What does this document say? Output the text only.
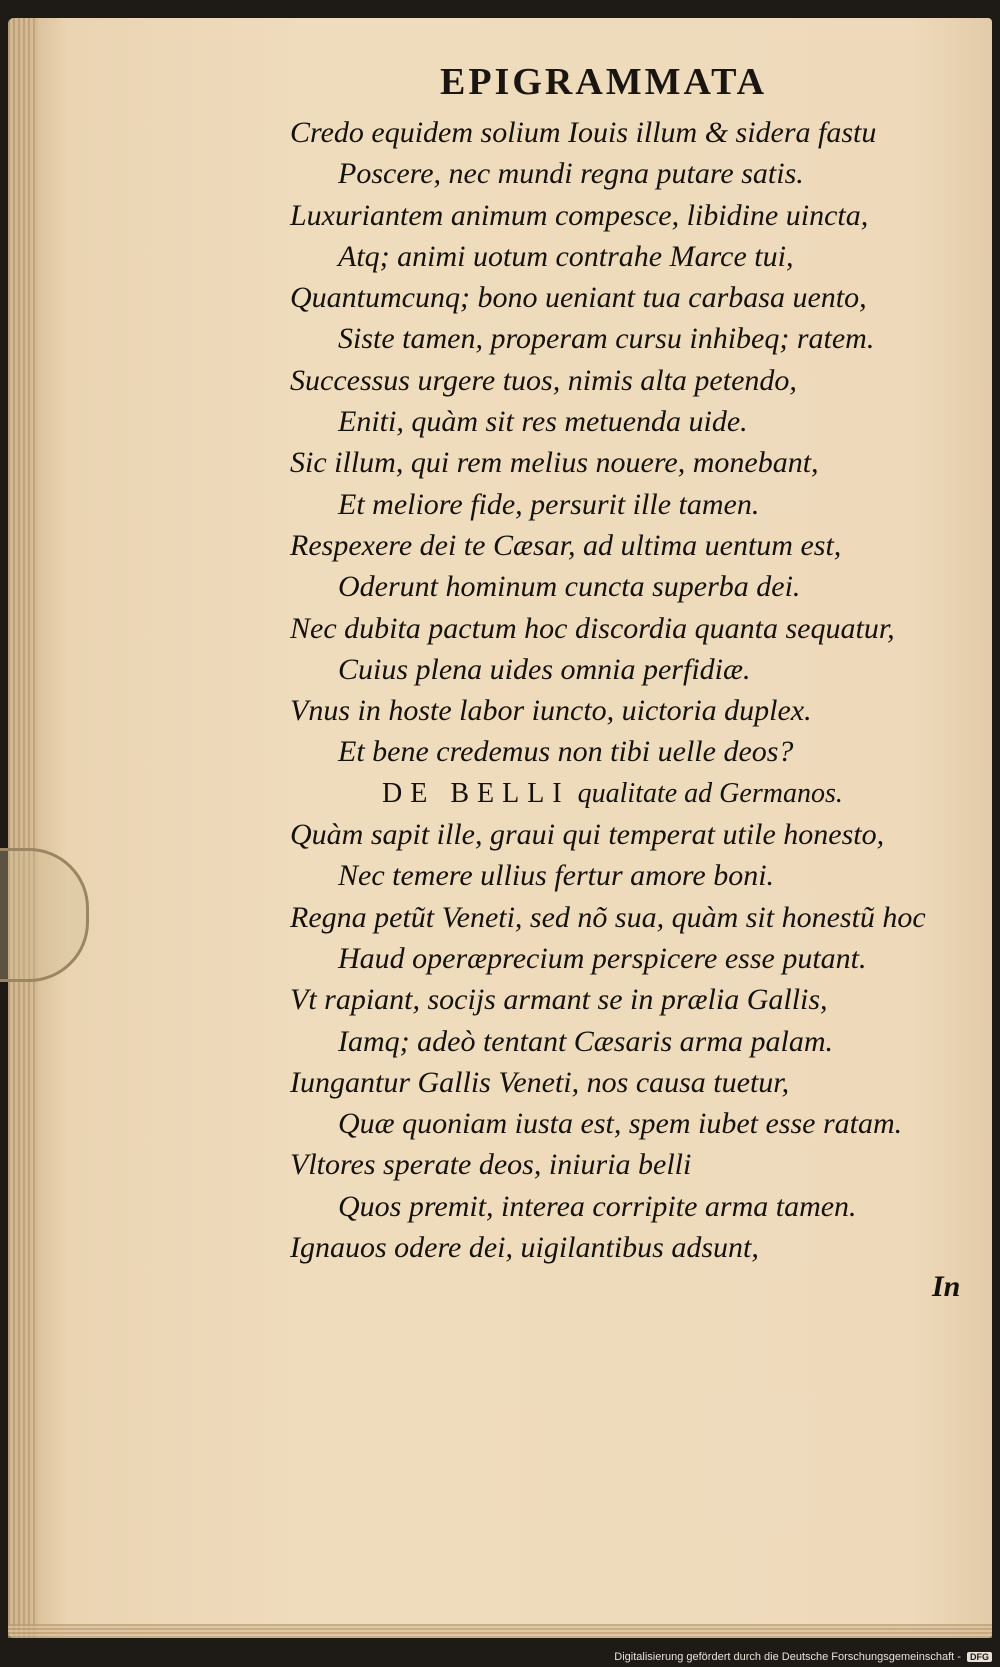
EPIGRAMMATA
Credo equidem solium Iouis illum & sidera fastu
Poscere, nec mundi regna putare satis.
Luxuriantem animum compesce, libidine uincta,
Atq; animi uotum contrahe Marce tui,
Quantumcunq; bono ueniant tua carbasa uento,
Siste tamen, properam cursu inhibeq; ratem.
Successus urgere tuos, nimis alta petendo,
Eniti, quàm sit res metuenda uide.
Sic illum, qui rem melius nouere, monebant,
Et meliore fide, persurit ille tamen.
Respexere dei te Cæsar, ad ultima uentum est,
Oderunt hominum cuncta superba dei.
Nec dubita pactum hoc discordia quanta sequatur,
Cuius plena uides omnia perfidiæ.
Vnus in hoste labor iuncto, uictoria duplex.
Et bene credemus non tibi uelle deos?
DE BELLI qualitate ad Germanos.
Quàm sapit ille, graui qui temperat utile honesto,
Nec temere ullius fertur amore boni.
Regna petũt Veneti, sed nõ sua, quàm sit honestũ hoc
Haud operæprecium perspicere esse putant.
Vt rapiant, socijs armant se in prælia Gallis,
Iamq; adeò tentant Cæsaris arma palam.
Iungantur Gallis Veneti, nos causa tuetur,
Quæ quoniam iusta est, spem iubet esse ratam.
Vltores sperate deos, iniuria belli
Quos premit, interea corripite arma tamen.
Ignauos odere dei, uigilantibus adsunt,
In
Digitalisierung gefördert durch die Deutsche Forschungsgemeinschaft - DFG
